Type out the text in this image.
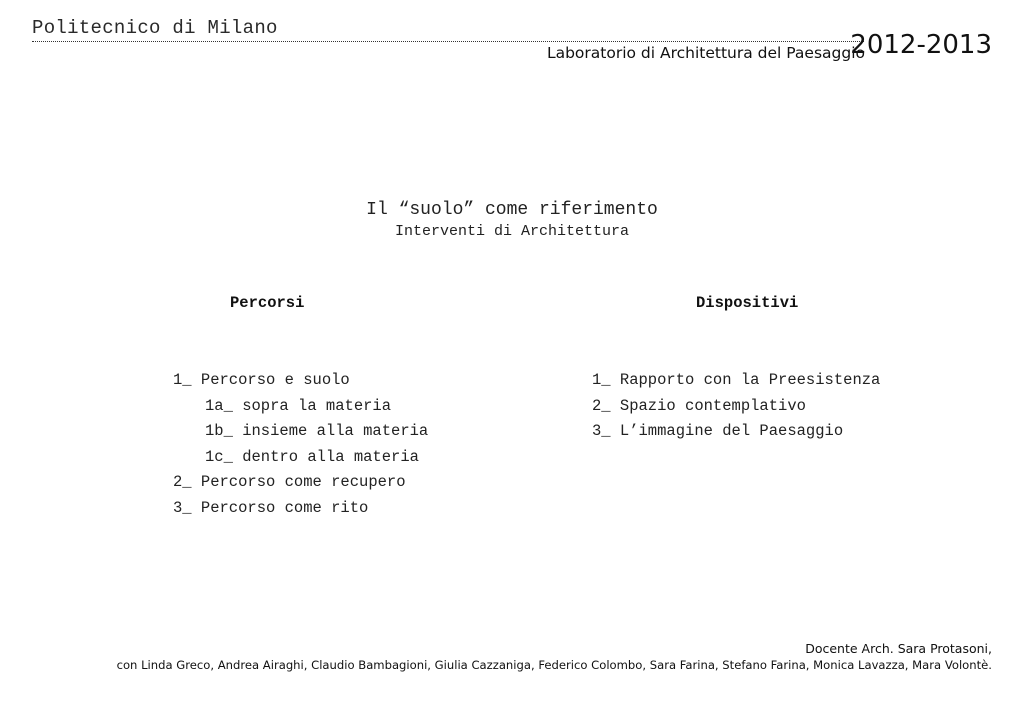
Politecnico di Milano
Laboratorio di Architettura del Paesaggio
2012-2013
Il “suolo” come riferimento
Interventi di Architettura
Percorsi	Dispositivi
1_ Percorso e suolo
1a_ sopra la materia
1b_ insieme alla materia
1c_ dentro alla materia
2_ Percorso come recupero
3_ Percorso come rito
1_ Rapporto con la Preesistenza
2_ Spazio contemplativo
3_ L’immagine del Paesaggio
Docente Arch. Sara Protasoni,
con Linda Greco, Andrea Airaghi, Claudio Bambagioni, Giulia Cazzaniga, Federico Colombo, Sara Farina, Stefano Farina, Monica Lavazza, Mara Volontè.
